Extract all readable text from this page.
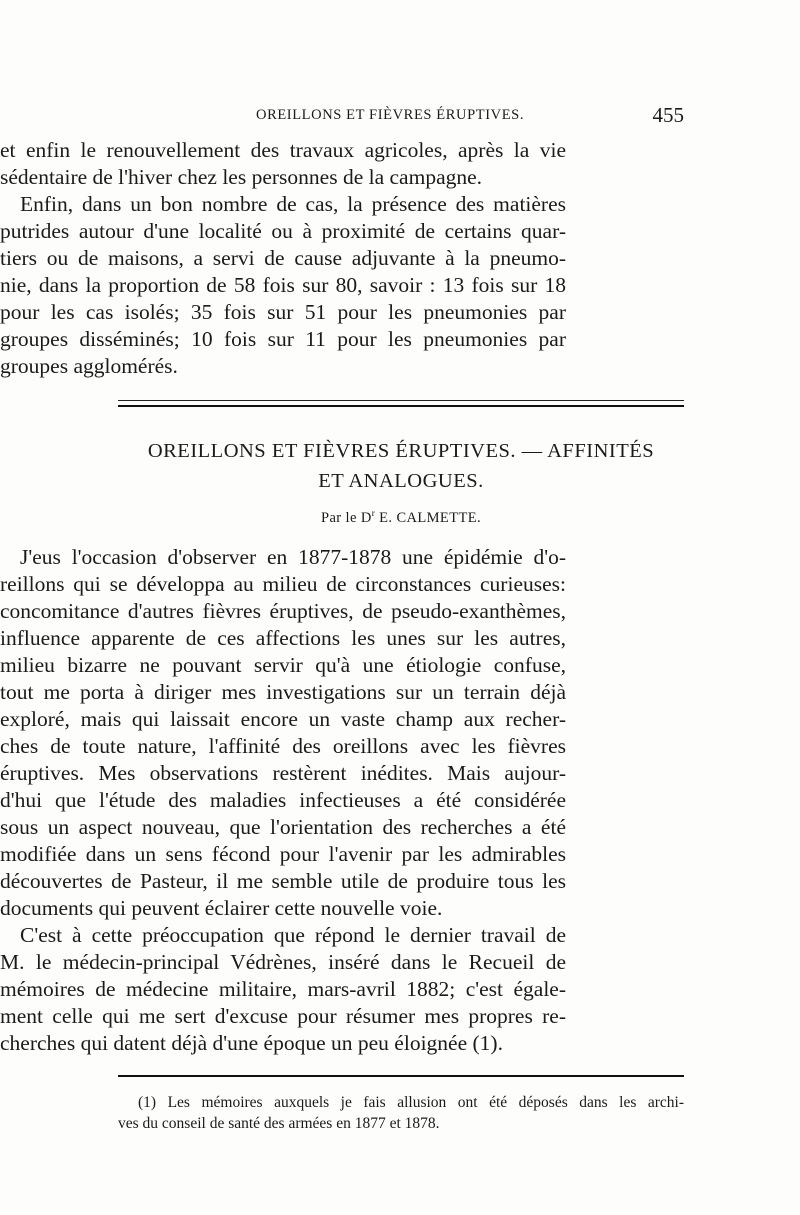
OREILLONS ET FIÈVRES ÉRUPTIVES.	455
et enfin le renouvellement des travaux agricoles, après la vie
sédentaire de l'hiver chez les personnes de la campagne.
Enfin, dans un bon nombre de cas, la présence des matières
putrides autour d'une localité ou à proximité de certains quar-
tiers ou de maisons, a servi de cause adjuvante à la pneumo-
nie, dans la proportion de 58 fois sur 80, savoir : 13 fois sur 18
pour les cas isolés; 35 fois sur 51 pour les pneumonies par
groupes disséminés; 10 fois sur 11 pour les pneumonies par
groupes agglomérés.
OREILLONS ET FIÈVRES ÉRUPTIVES. — AFFINITÉS
ET ANALOGUES.
Par le $D^r$ E. CALMETTE.
J'eus l'occasion d'observer en 1877-1878 une épidémie d'o-
reillons qui se développa au milieu de circonstances curieuses:
concomitance d'autres fièvres éruptives, de pseudo-exanthèmes,
influence apparente de ces affections les unes sur les autres,
milieu bizarre ne pouvant servir qu'à une étiologie confuse,
tout me porta à diriger mes investigations sur un terrain déjà
exploré, mais qui laissait encore un vaste champ aux recher-
ches de toute nature, l'affinité des oreillons avec les fièvres
éruptives. Mes observations restèrent inédites. Mais aujour-
d'hui que l'étude des maladies infectieuses a été considérée
sous un aspect nouveau, que l'orientation des recherches a été
modifiée dans un sens fécond pour l'avenir par les admirables
découvertes de Pasteur, il me semble utile de produire tous les
documents qui peuvent éclairer cette nouvelle voie.
C'est à cette préoccupation que répond le dernier travail de
M. le médecin-principal Védrènes, inséré dans le Recueil de
mémoires de médecine militaire, mars-avril 1882; c'est égale-
ment celle qui me sert d'excuse pour résumer mes propres re-
cherches qui datent déjà d'une époque un peu éloignée (1).
(1) Les mémoires auxquels je fais allusion ont été déposés dans les archi-
ves du conseil de santé des armées en 1877 et 1878.
